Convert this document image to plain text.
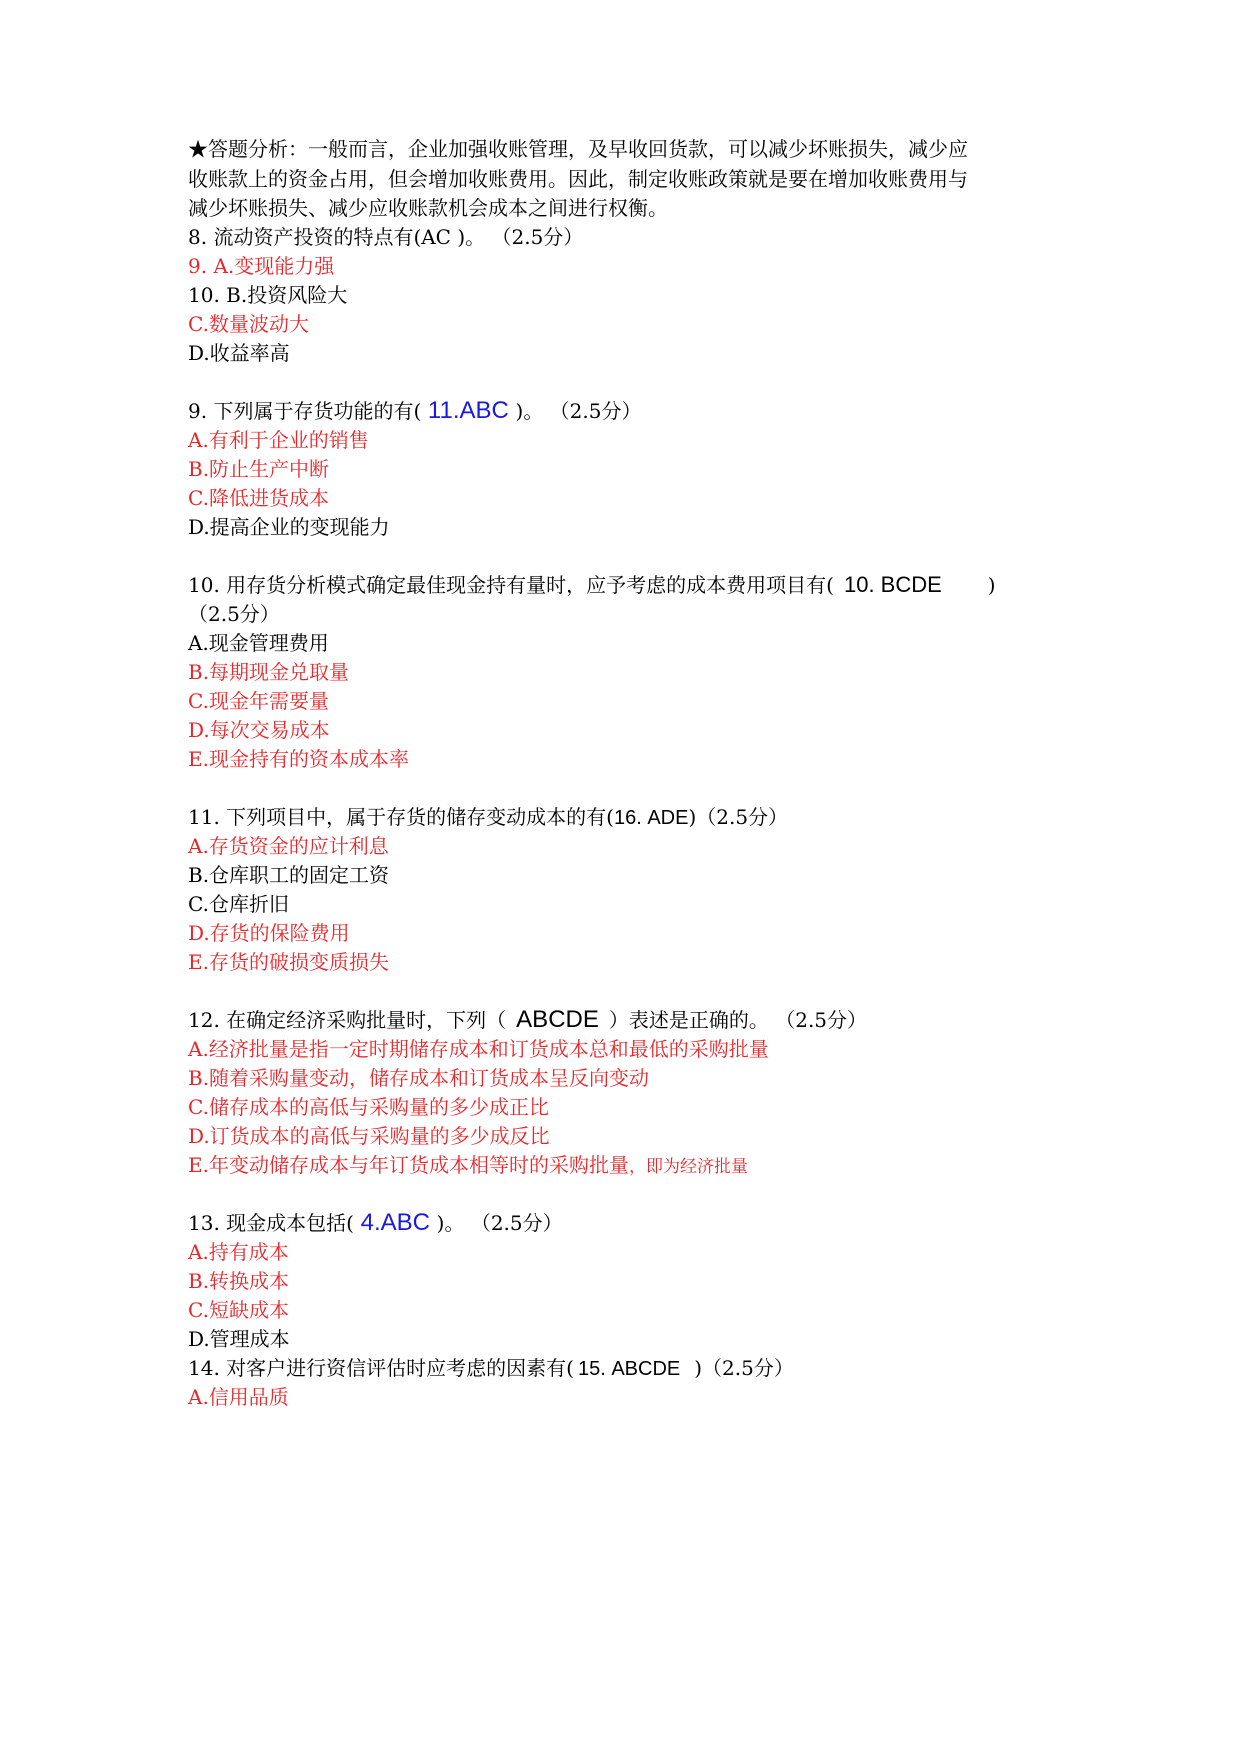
★答题分析：一般而言，企业加强收账管理，及早收回货款，可以减少坏账损失，减少应

收账款上的资金占用，但会增加收账费用。因此，制定收账政策就是要在增加收账费用与

减少坏账损失、减少应收账款机会成本之间进行权衡。

8. 流动资产投资的特点有(AC )。 （2.5分）

9. A.变现能力强

10. B.投资风险大

C.数量波动大

D.收益率高

9. 下列属于存货功能的有( 11.ABC )。 （2.5分）

A.有利于企业的销售

B.防止生产中断

C.降低进货成本

D.提高企业的变现能力

10. 用存货分析模式确定最佳现金持有量时，应予考虑的成本费用项目有( 10. BCDE )

（2.5分）

A.现金管理费用

B.每期现金兑取量

C.现金年需要量

D.每次交易成本

E.现金持有的资本成本率

11. 下列项目中，属于存货的储存变动成本的有(16. ADE)（2.5分）

A.存货资金的应计利息

B.仓库职工的固定工资

C.仓库折旧

D.存货的保险费用

E.存货的破损变质损失

12. 在确定经济采购批量时，下列（ ABCDE ）表述是正确的。 （2.5分）

A.经济批量是指一定时期储存成本和订货成本总和最低的采购批量

B.随着采购量变动，储存成本和订货成本呈反向变动

C.储存成本的高低与采购量的多少成正比

D.订货成本的高低与采购量的多少成反比

E.年变动储存成本与年订货成本相等时的采购批量，即为经济批量

13. 现金成本包括( 4.ABC )。 （2.5分）

A.持有成本

B.转换成本

C.短缺成本

D.管理成本

14. 对客户进行资信评估时应考虑的因素有( 15. ABCDE )（2.5分）

A.信用品质
